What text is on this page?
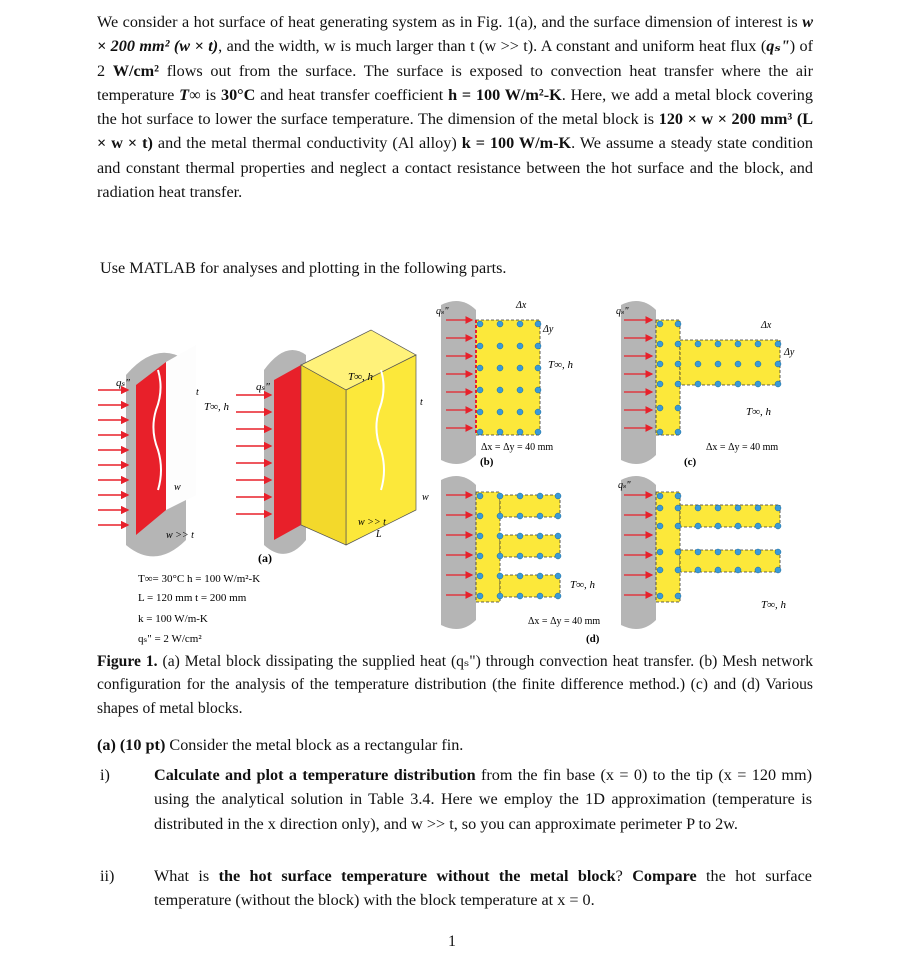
We consider a hot surface of heat generating system as in Fig. 1(a), and the surface dimension of interest is w × 200 mm² (w × t), and the width, w is much larger than t (w >> t). A constant and uniform heat flux (qₛ") of 2 W/cm² flows out from the surface. The surface is exposed to convection heat transfer where the air temperature T∞ is 30°C and heat transfer coefficient h = 100 W/m²-K. Here, we add a metal block covering the hot surface to lower the surface temperature. The dimension of the metal block is 120 × w × 200 mm³ (L × w × t) and the metal thermal conductivity (Al alloy) k = 100 W/m-K. We assume a steady state condition and constant thermal properties and neglect a contact resistance between the hot surface and the block, and radiation heat transfer.

Use MATLAB for analyses and plotting in the following parts.

qₛ"
T∞, h
t
w
w >> t
qₛ"
T∞, h
t
w
L
w >> t
(a)
T∞= 30°C h = 100 W/m²-K
L = 120 mm t = 200 mm
k = 100 W/m-K
qₛ" = 2 W/cm²
qₛ"
Δx
Δy
T∞, h
Δx = Δy = 40 mm
(b)
qₛ"
Δx
Δy
T∞, h
Δx = Δy = 40 mm
(c)
T∞, h
qₛ"
T∞, h
Δx = Δy = 40 mm
(d)

Figure 1. (a) Metal block dissipating the supplied heat (qₛ") through convection heat transfer. (b) Mesh network configuration for the analysis of the temperature distribution (the finite difference method.) (c) and (d) Various shapes of metal blocks.

(a) (10 pt) Consider the metal block as a rectangular fin.

i)	Calculate and plot a temperature distribution from the fin base (x = 0) to the tip (x = 120 mm) using the analytical solution in Table 3.4. Here we employ the 1D approximation (temperature is distributed in the x direction only), and w >> t, so you can approximate perimeter P to 2w.
ii) What is the hot surface temperature without the metal block? Compare the hot surface temperature (without the block) with the block temperature at x = 0.
1
